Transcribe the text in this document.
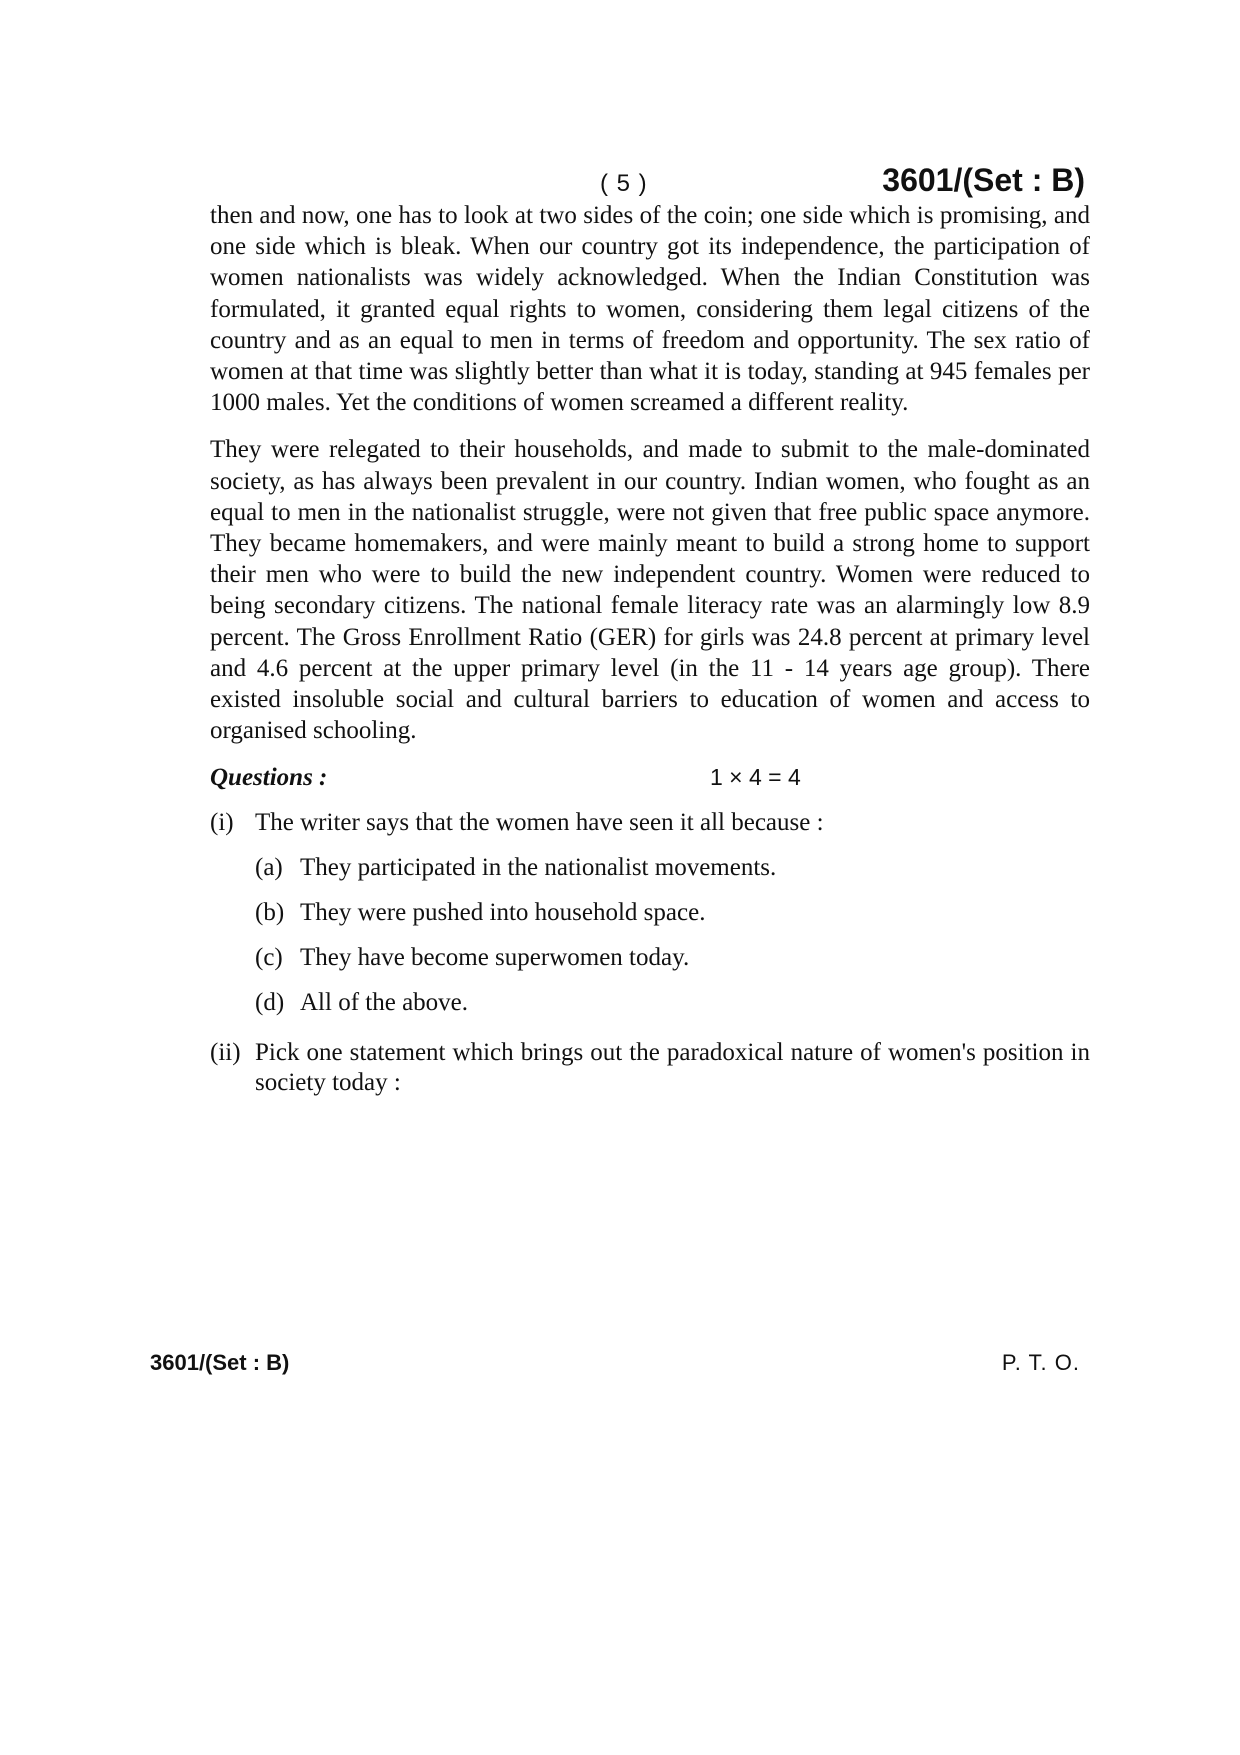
( 5 )	3601/(Set : B)

then and now, one has to look at two sides of the coin; one side which is promising, and one side which is bleak. When our country got its independence, the participation of women nationalists was widely acknowledged. When the Indian Constitution was formulated, it granted equal rights to women, considering them legal citizens of the country and as an equal to men in terms of freedom and opportunity. The sex ratio of women at that time was slightly better than what it is today, standing at 945 females per 1000 males. Yet the conditions of women screamed a different reality.

They were relegated to their households, and made to submit to the male-dominated society, as has always been prevalent in our country. Indian women, who fought as an equal to men in the nationalist struggle, were not given that free public space anymore. They became homemakers, and were mainly meant to build a strong home to support their men who were to build the new independent country. Women were reduced to being secondary citizens. The national female literacy rate was an alarmingly low 8.9 percent. The Gross Enrollment Ratio (GER) for girls was 24.8 percent at primary level and 4.6 percent at the upper primary level (in the 11 - 14 years age group). There existed insoluble social and cultural barriers to education of women and access to organised schooling.

Questions :	1 × 4 = 4
(i) The writer says that the women have seen it all because :
(a) They participated in the nationalist movements.
(b) They were pushed into household space.
(c) They have become superwomen today.
(d) All of the above.
(ii) Pick one statement which brings out the paradoxical nature of women's position in society today :
3601/(Set : B)	P. T. O.
